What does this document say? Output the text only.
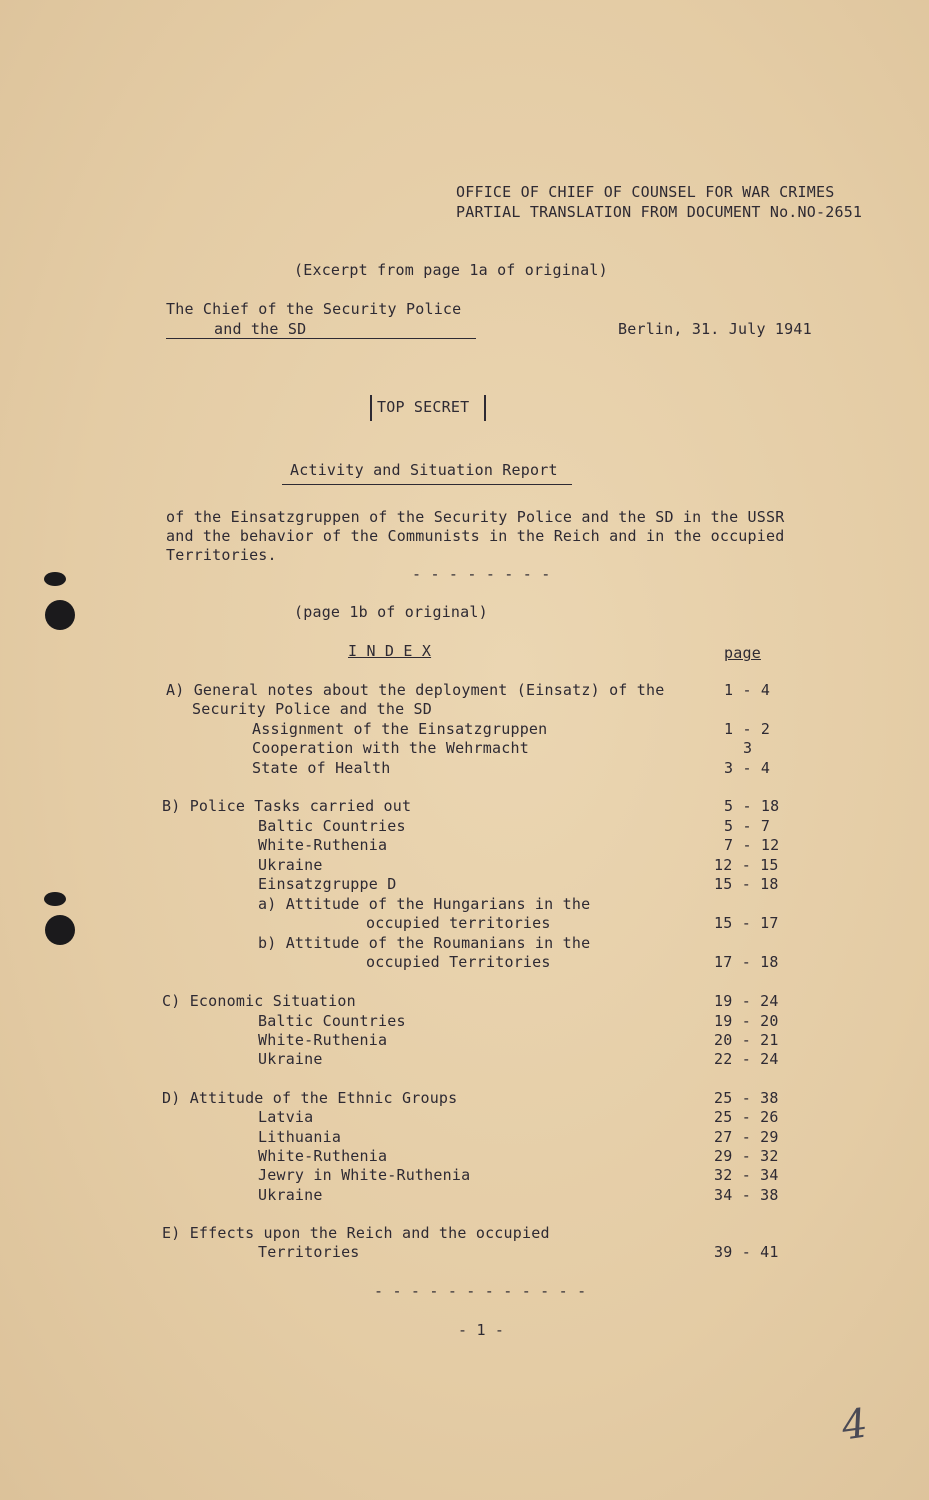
OFFICE OF CHIEF OF COUNSEL FOR WAR CRIMES
PARTIAL TRANSLATION FROM DOCUMENT No.NO-2651
(Excerpt from page 1a of original)
The Chief of the Security Police
and the SD	Berlin, 31. July 1941
TOP SECRET
Activity and Situation Report
of the Einsatzgruppen of the Security Police and the SD in the USSR
and the behavior of the Communists in the Reich and in the occupied
Territories.
- - - - - - - -
(page 1b of original)
I N D E X	page
A) General notes about the deployment (Einsatz) of the	1 - 4
Security Police and the SD
Assignment of the Einsatzgruppen	1 - 2
Cooperation with the Wehrmacht	3
State of Health	3 - 4
B) Police Tasks carried out	5 - 18
Baltic Countries	5 - 7
White-Ruthenia	7 - 12
Ukraine	12 - 15
Einsatzgruppe D	15 - 18
a) Attitude of the Hungarians in the
occupied territories	15 - 17
b) Attitude of the Roumanians in the
occupied Territories	17 - 18
C) Economic Situation	19 - 24
Baltic Countries	19 - 20
White-Ruthenia	20 - 21
Ukraine	22 - 24
D) Attitude of the Ethnic Groups	25 - 38
Latvia	25 - 26
Lithuania	27 - 29
White-Ruthenia	29 - 32
Jewry in White-Ruthenia	32 - 34
Ukraine	34 - 38
E) Effects upon the Reich and the occupied
Territories	39 - 41
- - - - - - - - - - - -
- 1 -
4
